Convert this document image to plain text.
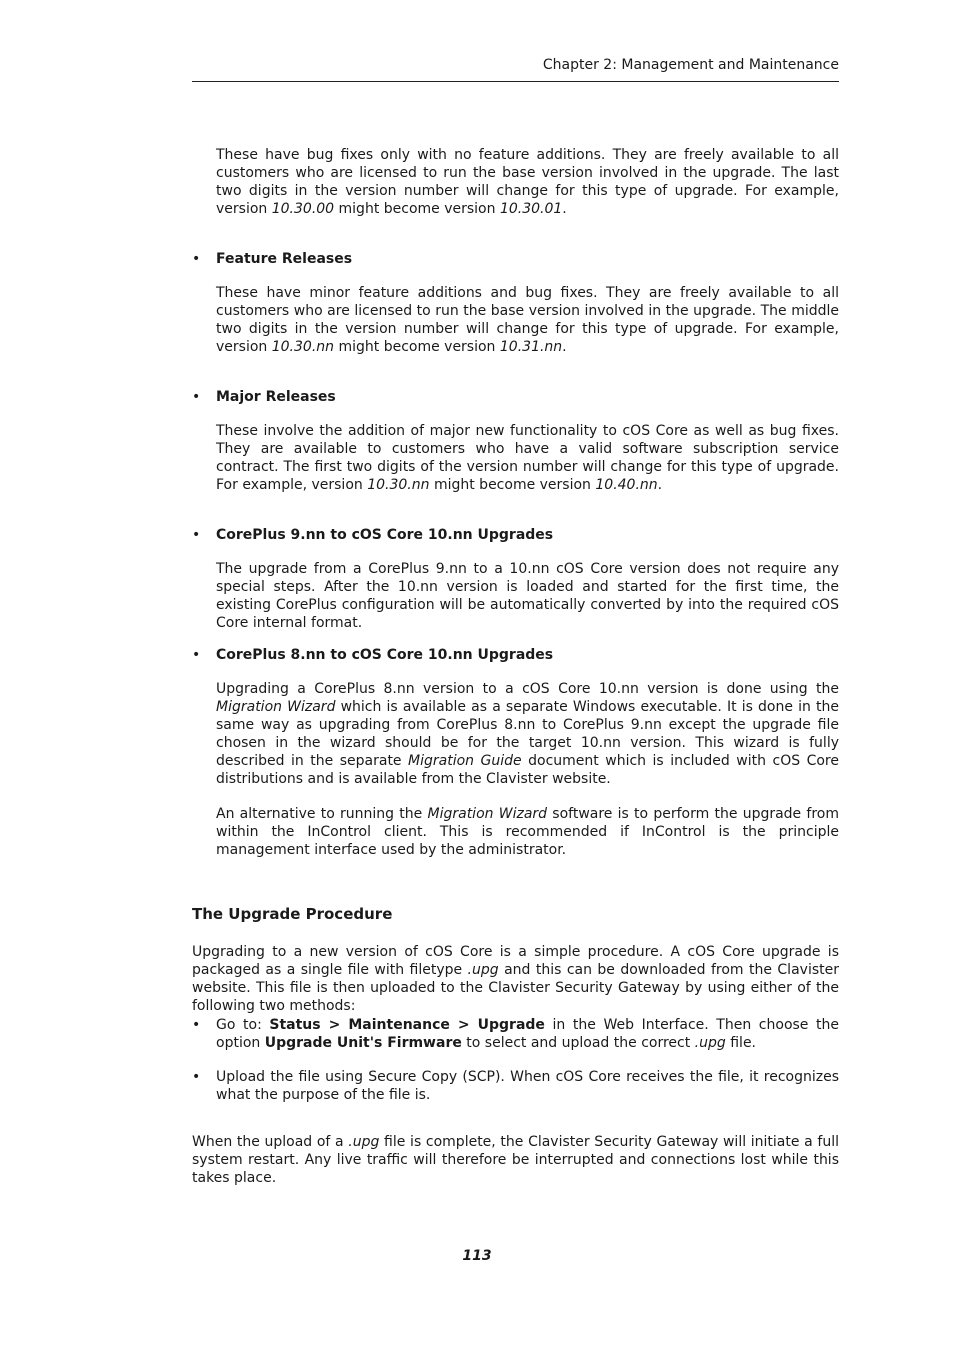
Chapter 2: Management and Maintenance
These have bug fixes only with no feature additions. They are freely available to all customers who are licensed to run the base version involved in the upgrade. The last two digits in the version number will change for this type of upgrade. For example, version 10.30.00 might become version 10.30.01.
• Feature Releases
These have minor feature additions and bug fixes. They are freely available to all customers who are licensed to run the base version involved in the upgrade. The middle two digits in the version number will change for this type of upgrade. For example, version 10.30.nn might become version 10.31.nn.
• Major Releases
These involve the addition of major new functionality to cOS Core as well as bug fixes. They are available to customers who have a valid software subscription service contract. The first two digits of the version number will change for this type of upgrade. For example, version 10.30.nn might become version 10.40.nn.
• CorePlus 9.nn to cOS Core 10.nn Upgrades
The upgrade from a CorePlus 9.nn to a 10.nn cOS Core version does not require any special steps. After the 10.nn version is loaded and started for the first time, the existing CorePlus configuration will be automatically converted by into the required cOS Core internal format.
• CorePlus 8.nn to cOS Core 10.nn Upgrades
Upgrading a CorePlus 8.nn version to a cOS Core 10.nn version is done using the Migration Wizard which is available as a separate Windows executable. It is done in the same way as upgrading from CorePlus 8.nn to CorePlus 9.nn except the upgrade file chosen in the wizard should be for the target 10.nn version. This wizard is fully described in the separate Migration Guide document which is included with cOS Core distributions and is available from the Clavister website.
An alternative to running the Migration Wizard software is to perform the upgrade from within the InControl client. This is recommended if InControl is the principle management interface used by the administrator.
The Upgrade Procedure
Upgrading to a new version of cOS Core is a simple procedure. A cOS Core upgrade is packaged as a single file with filetype .upg and this can be downloaded from the Clavister website. This file is then uploaded to the Clavister Security Gateway by using either of the following two methods:
• Go to: Status > Maintenance > Upgrade in the Web Interface. Then choose the option Upgrade Unit's Firmware to select and upload the correct .upg file.
• Upload the file using Secure Copy (SCP). When cOS Core receives the file, it recognizes what the purpose of the file is.
When the upload of a .upg file is complete, the Clavister Security Gateway will initiate a full system restart. Any live traffic will therefore be interrupted and connections lost while this takes place.
113
